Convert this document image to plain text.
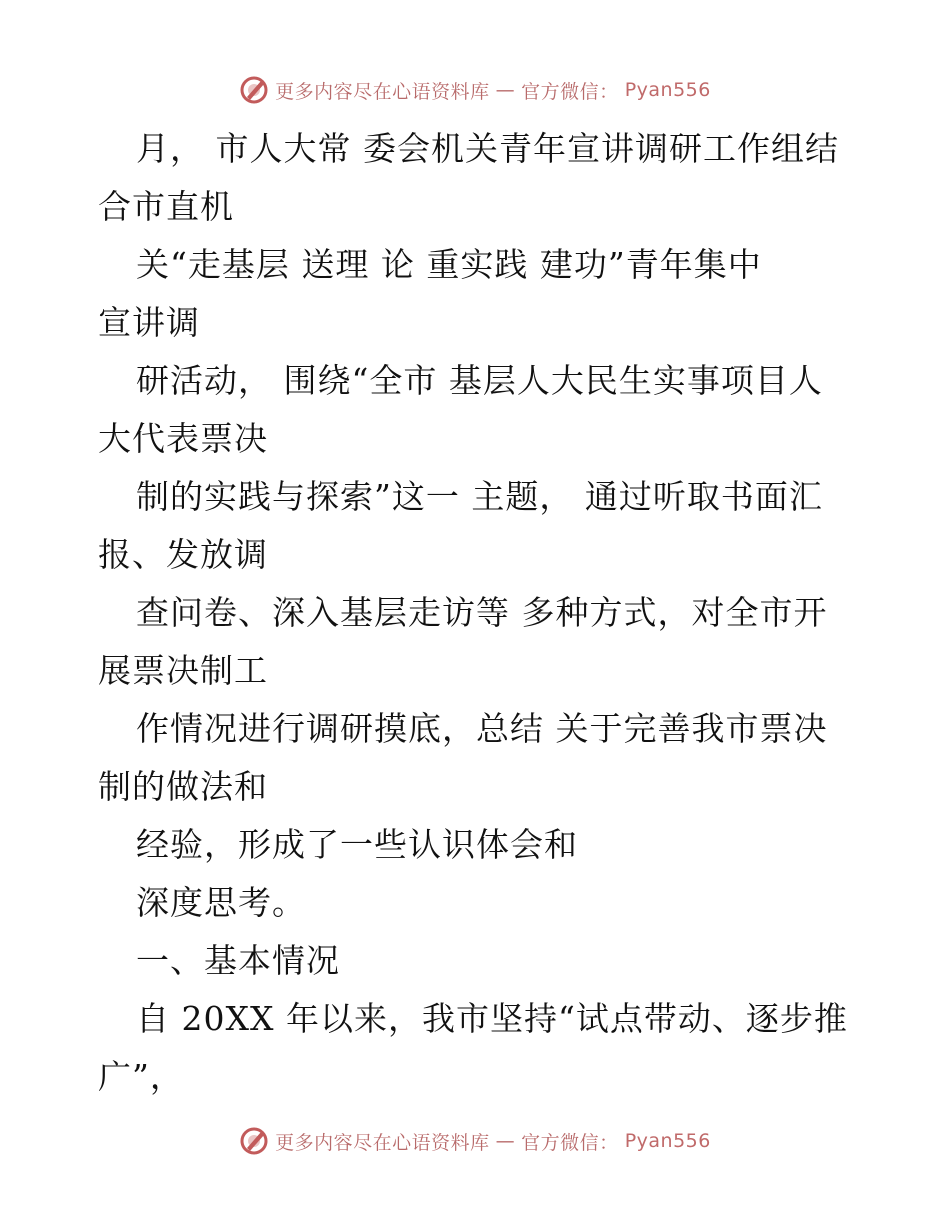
更多内容尽在心语资料库 — 官方微信： Pyan556
月， 市人大常 委会机关青年宣讲调研工作组结
合市直机
关“走基层 送理 论 重实践 建功”青年集中
宣讲调
研活动， 围绕“全市 基层人大民生实事项目人
大代表票决
制的实践与探索”这一 主题， 通过听取书面汇
报、发放调
查问卷、深入基层走访等 多种方式，对全市开
展票决制工
作情况进行调研摸底，总结 关于完善我市票决
制的做法和
经验，形成了一些认识体会和
深度思考。
一、基本情况
自 20XX 年以来，我市坚持“试点带动、逐步推
广”，
更多内容尽在心语资料库 — 官方微信： Pyan556
